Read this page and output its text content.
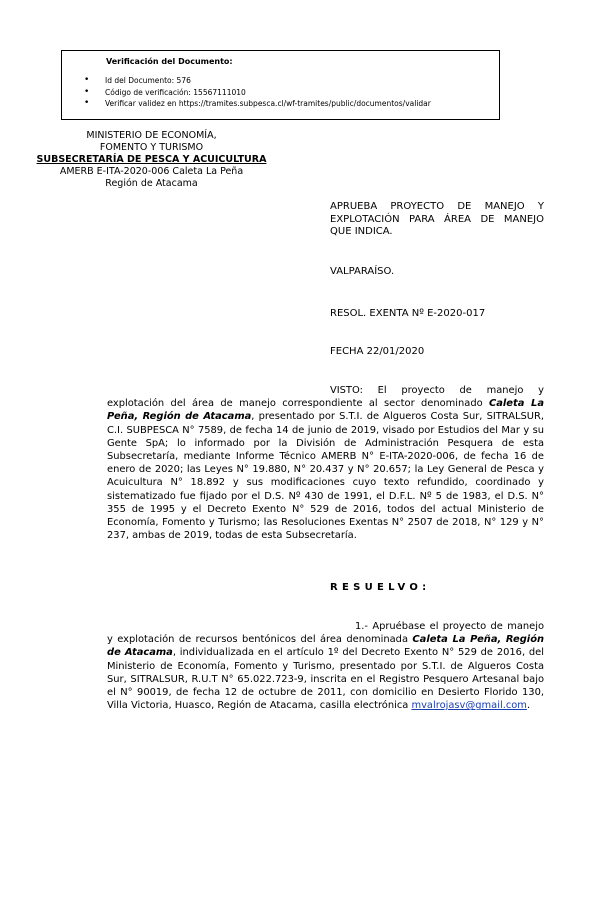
Verificación del Documento:
• Id del Documento: 576
• Código de verificación: 15567111010
• Verificar validez en https://tramites.subpesca.cl/wf-tramites/public/documentos/validar
MINISTERIO DE ECONOMÍA,
FOMENTO Y TURISMO
SUBSECRETARÍA DE PESCA Y ACUICULTURA
AMERB E-ITA-2020-006 Caleta La Peña
Región de Atacama
APRUEBA PROYECTO DE MANEJO Y
EXPLOTACIÓN PARA ÁREA DE MANEJO
QUE INDICA.
VALPARAÍSO.
RESOL. EXENTA Nº E-2020-017
FECHA 22/01/2020
VISTO: El proyecto de manejo y explotación del área de manejo correspondiente al sector denominado Caleta La Peña, Región de Atacama, presentado por S.T.I. de Algueros Costa Sur, SITRALSUR, C.I. SUBPESCA N° 7589, de fecha 14 de junio de 2019, visado por Estudios del Mar y su Gente SpA; lo informado por la División de Administración Pesquera de esta Subsecretaría, mediante Informe Técnico AMERB N° E-ITA-2020-006, de fecha 16 de enero de 2020; las Leyes N° 19.880, N° 20.437 y N° 20.657; la Ley General de Pesca y Acuicultura N° 18.892 y sus modificaciones cuyo texto refundido, coordinado y sistematizado fue fijado por el D.S. Nº 430 de 1991, el D.F.L. Nº 5 de 1983, el D.S. N° 355 de 1995 y el Decreto Exento N° 529 de 2016, todos del actual Ministerio de Economía, Fomento y Turismo; las Resoluciones Exentas N° 2507 de 2018, N° 129 y N° 237, ambas de 2019, todas de esta Subsecretaría.
RESUELVO:
1.- Apruébase el proyecto de manejo y explotación de recursos bentónicos del área denominada Caleta La Peña, Región de Atacama, individualizada en el artículo 1º del Decreto Exento N° 529 de 2016, del Ministerio de Economía, Fomento y Turismo, presentado por S.T.I. de Algueros Costa Sur, SITRALSUR, R.U.T N° 65.022.723-9, inscrita en el Registro Pesquero Artesanal bajo el N° 90019, de fecha 12 de octubre de 2011, con domicilio en Desierto Florido 130, Villa Victoria, Huasco, Región de Atacama, casilla electrónica mvalrojasv@gmail.com.
